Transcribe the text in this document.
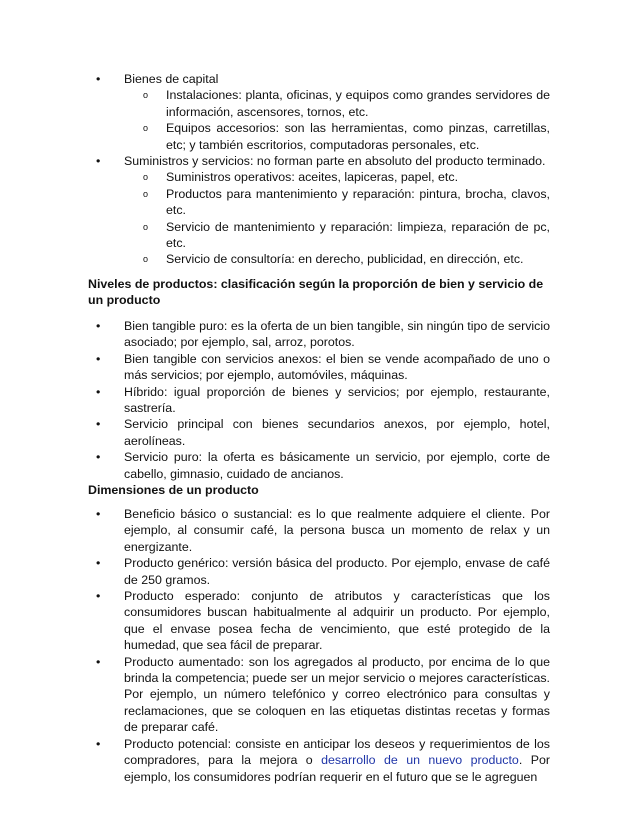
• Bienes de capital
o Instalaciones: planta, oficinas, y equipos como grandes servidores de información, ascensores, tornos, etc.
o Equipos accesorios: son las herramientas, como pinzas, carretillas, etc; y también escritorios, computadoras personales, etc.
• Suministros y servicios: no forman parte en absoluto del producto terminado.
o Suministros operativos: aceites, lapiceras, papel, etc.
o Productos para mantenimiento y reparación: pintura, brocha, clavos, etc.
o Servicio de mantenimiento y reparación: limpieza, reparación de pc, etc.
o Servicio de consultoría: en derecho, publicidad, en dirección, etc.

Niveles de productos: clasificación según la proporción de bien y servicio de un producto

• Bien tangible puro: es la oferta de un bien tangible, sin ningún tipo de servicio asociado; por ejemplo, sal, arroz, porotos.
• Bien tangible con servicios anexos: el bien se vende acompañado de uno o más servicios; por ejemplo, automóviles, máquinas.
• Híbrido: igual proporción de bienes y servicios; por ejemplo, restaurante, sastrería.
• Servicio principal con bienes secundarios anexos, por ejemplo, hotel, aerolíneas.
• Servicio puro: la oferta es básicamente un servicio, por ejemplo, corte de cabello, gimnasio, cuidado de ancianos.

Dimensiones de un producto

• Beneficio básico o sustancial: es lo que realmente adquiere el cliente. Por ejemplo, al consumir café, la persona busca un momento de relax y un energizante.
• Producto genérico: versión básica del producto. Por ejemplo, envase de café de 250 gramos.
• Producto esperado: conjunto de atributos y características que los consumidores buscan habitualmente al adquirir un producto. Por ejemplo, que el envase posea fecha de vencimiento, que esté protegido de la humedad, que sea fácil de preparar.
• Producto aumentado: son los agregados al producto, por encima de lo que brinda la competencia; puede ser un mejor servicio o mejores características. Por ejemplo, un número telefónico y correo electrónico para consultas y reclamaciones, que se coloquen en las etiquetas distintas recetas y formas de preparar café.
• Producto potencial: consiste en anticipar los deseos y requerimientos de los compradores, para la mejora o desarrollo de un nuevo producto. Por ejemplo, los consumidores podrían requerir en el futuro que se le agreguen
